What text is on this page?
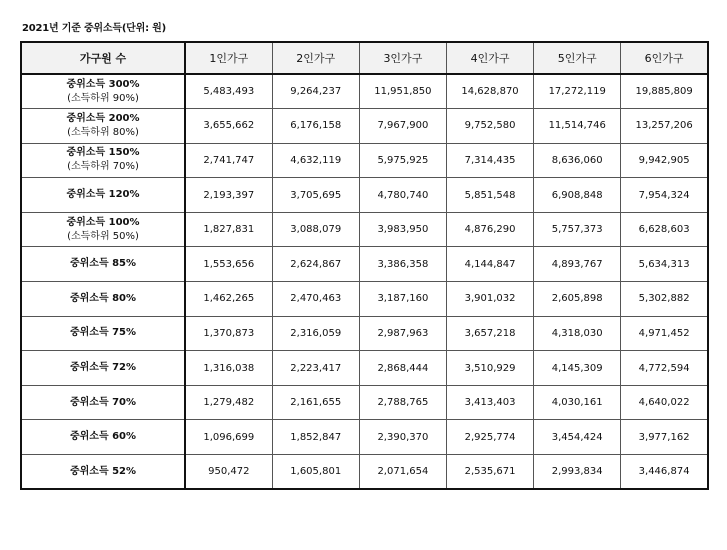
2021년 기준 중위소득(단위: 원)
가구원 수	1인가구	2인가구	3인가구	4인가구	5인가구	6인가구

중위소득 300%
(소득하위 90%)	5,483,493	9,264,237	11,951,850	14,628,870	17,272,119	19,885,809

중위소득 200%
(소득하위 80%)	3,655,662	6,176,158	7,967,900	9,752,580	11,514,746	13,257,206

중위소득 150%
(소득하위 70%)	2,741,747	4,632,119	5,975,925	7,314,435	8,636,060	9,942,905

중위소득 120%	2,193,397	3,705,695	4,780,740	5,851,548	6,908,848	7,954,324

중위소득 100%
(소득하위 50%)	1,827,831	3,088,079	3,983,950	4,876,290	5,757,373	6,628,603

중위소득 85%	1,553,656	2,624,867	3,386,358	4,144,847	4,893,767	5,634,313

중위소득 80%	1,462,265	2,470,463	3,187,160	3,901,032	2,605,898	5,302,882

중위소득 75%	1,370,873	2,316,059	2,987,963	3,657,218	4,318,030	4,971,452

중위소득 72%	1,316,038	2,223,417	2,868,444	3,510,929	4,145,309	4,772,594

중위소득 70%	1,279,482	2,161,655	2,788,765	3,413,403	4,030,161	4,640,022

중위소득 60%	1,096,699	1,852,847	2,390,370	2,925,774	3,454,424	3,977,162

중위소득 52%	950,472	1,605,801	2,071,654	2,535,671	2,993,834	3,446,874
